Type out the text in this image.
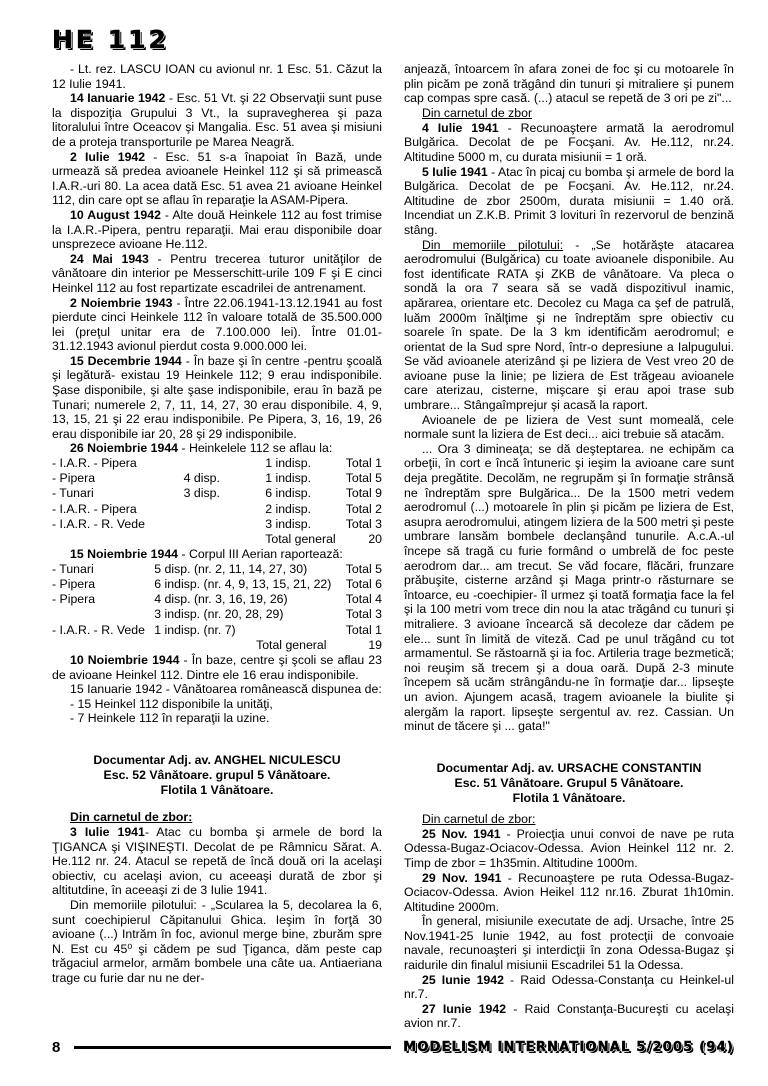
HE 112

- Lt. rez. LASCU IOAN cu avionul nr. 1 Esc. 51. Căzut la 12 Iulie 1941.

14 Ianuarie 1942 - Esc. 51 Vt. şi 22 Observaţii sunt puse la dispoziţia Grupului 3 Vt., la supravegherea şi paza litoralului între Oceacov şi Mangalia. Esc. 51 avea şi misiuni de a proteja transporturile pe Marea Neagră.

2 Iulie 1942 - Esc. 51 s-a înapoiat în Bază, unde urmează să predea avioanele Heinkel 112 şi să primească I.A.R.-uri 80. La acea dată Esc. 51 avea 21 avioane Heinkel 112, din care opt se aflau în reparaţie la ASAM-Pipera.

10 August 1942 - Alte două Heinkele 112 au fost trimise la I.A.R.-Pipera, pentru reparaţii. Mai erau disponibile doar unsprezece avioane He.112.

24 Mai 1943 - Pentru trecerea tuturor unităţilor de vânătoare din interior pe Messerschitt-urile 109 F şi E cinci Heinkel 112 au fost repartizate escadrilei de antrenament.

2 Noiembrie 1943 - Între 22.06.1941-13.12.1941 au fost pierdute cinci Heinkele 112 în valoare totală de 35.500.000 lei (preţul unitar era de 7.100.000 lei). Între 01.01-31.12.1943 avionul pierdut costa 9.000.000 lei.

15 Decembrie 1944 - În baze şi în centre -pentru şcoală şi legătură- existau 19 Heinkele 112; 9 erau indisponibile. Şase disponibile, şi alte şase indisponibile, erau în bază pe Tunari; numerele 2, 7, 11, 14, 27, 30 erau disponibile. 4, 9, 13, 15, 21 şi 22 erau indisponibile. Pe Pipera, 3, 16, 19, 26 erau disponibile iar 20, 28 şi 29 indisponibile.

26 Noiembrie 1944 - Heinkelele 112 se aflau la:

- I.A.R. - Pipera		1 indisp.	Total 1
- Pipera	4 disp.	1 indisp.	Total 5
- Tunari	3 disp.	6 indisp.	Total 9
- I.A.R. - Pipera		2 indisp.	Total 2
- I.A.R. - R. Vede		3 indisp.	Total 3
		Total general	20

15 Noiembrie 1944 - Corpul III Aerian raportează:

- Tunari	5 disp. (nr. 2, 11, 14, 27, 30)	Total 5
- Pipera	6 indisp. (nr. 4, 9, 13, 15, 21, 22)	Total 6
- Pipera	4 disp. (nr. 3, 16, 19, 26)	Total 4
	3 indisp. (nr. 20, 28, 29)	Total 3
- I.A.R. - R. Vede	1 indisp. (nr. 7)	Total 1
	Total general	19

10 Noiembrie 1944 - În baze, centre şi şcoli se aflau 23 de avioane Heinkel 112. Dintre ele 16 erau indisponibile.

15 Ianuarie 1942 - Vânătoarea românească dispunea de:

- 15 Heinkel 112 disponibile la unităţi,

- 7 Heinkele 112 în reparaţii la uzine.

Documentar Adj. av. ANGHEL NICULESCU
Esc. 52 Vânătoare. grupul 5 Vânătoare.
Flotila 1 Vânătoare.
Din carnetul de zbor:

3 Iulie 1941- Atac cu bomba şi armele de bord la ŢIGANCA şi VIŞINEŞTI. Decolat de pe Râmnicu Sărat. A. He.112 nr. 24. Atacul se repetă de încă două ori la acelaşi obiectiv, cu acelaşi avion, cu aceeaşi durată de zbor şi altitutdine, în aceeaşi zi de 3 Iulie 1941.

Din memoriile pilotului: - „Scularea la 5, decolarea la 6, sunt coechipierul Căpitanului Ghica. Ieşim în forţă 30 avioane (...) Intrăm în foc, avionul merge bine, zburăm spre N. Est cu 45⁰ şi cădem pe sud Ţiganca, dăm peste cap trăgaciul armelor, armăm bombele una câte ua. Antiaeriana trage cu furie dar nu ne der-

anjează, întoarcem în afara zonei de foc şi cu motoarele în plin picăm pe zonă trăgând din tunuri şi mitraliere şi punem cap compas spre casă. (...) atacul se repetă de 3 ori pe zi"...

Din carnetul de zbor

4 Iulie 1941 - Recunoaştere armată la aerodromul Bulgărica. Decolat de pe Focşani. Av. He.112, nr.24. Altitudine 5000 m, cu durata misiunii = 1 oră.

5 Iulie 1941 - Atac în picaj cu bomba şi armele de bord la Bulgărica. Decolat de pe Focşani. Av. He.112, nr.24. Altitudine de zbor 2500m, durata misiunii = 1.40 oră. Incendiat un Z.K.B. Primit 3 lovituri în rezervorul de benzină stâng.

Din memoriile pilotului: - „Se hotărăşte atacarea aerodromului (Bulgărica) cu toate avioanele disponibile. Au fost identificate RATA şi ZKB de vânătoare. Va pleca o sondă la ora 7 seara să se vadă dispozitivul inamic, apărarea, orientare etc. Decolez cu Maga ca şef de patrulă, luăm 2000m înălţime şi ne îndreptăm spre obiectiv cu soarele în spate. De la 3 km identificăm aerodromul; e orientat de la Sud spre Nord, într-o depresiune a Ialpugului. Se văd avioanele aterizând şi pe liziera de Vest vreo 20 de avioane puse la linie; pe liziera de Est trăgeau avioanele care aterizau, cisterne, mişcare şi erau apoi trase sub umbrare... Stângaîmprejur şi acasă la raport.

Avioanele de pe liziera de Vest sunt momeală, cele normale sunt la liziera de Est deci... aici trebuie să atacăm.

... Ora 3 dimineaţa; se dă deşteptarea. ne echipăm ca orbeţii, în cort e încă întuneric şi ieşim la avioane care sunt deja pregătite. Decolăm, ne regrupăm şi în formaţie strânsă ne îndreptăm spre Bulgărica... De la 1500 metri vedem aerodromul (...) motoarele în plin şi picăm pe liziera de Est, asupra aerodromului, atingem liziera de la 500 metri şi peste umbrare lansăm bombele declanşând tunurile. A.c.A.-ul începe să tragă cu furie formând o umbrelă de foc peste aerodrom dar... am trecut. Se văd focare, flăcări, frunzare prăbuşite, cisterne arzând şi Maga printr-o răsturnare se întoarce, eu -coechipier- îl urmez şi toată formaţia face la fel şi la 100 metri vom trece din nou la atac trăgând cu tunuri şi mitraliere. 3 avioane încearcă să decoleze dar cădem pe ele... sunt în limită de viteză. Cad pe unul trăgând cu tot armamentul. Se răstoarnă şi ia foc. Artileria trage bezmetică; noi reuşim să trecem şi a doua oară. După 2-3 minute începem să ucăm strângându-ne în formaţie dar... lipseşte un avion. Ajungem acasă, tragem avioanele la biulite şi alergăm la raport. lipseşte sergentul av. rez. Cassian. Un minut de tăcere şi ... gata!"

Documentar Adj. av. URSACHE CONSTANTIN
Esc. 51 Vânătoare. Grupul 5 Vânătoare.
Flotila 1 Vânătoare.
Din carnetul de zbor:

25 Nov. 1941 - Proiecţia unui convoi de nave pe ruta Odessa-Bugaz-Ociacov-Odessa. Avion Heinkel 112 nr. 2. Timp de zbor = 1h35min. Altitudine 1000m.

29 Nov. 1941 - Recunoaştere pe ruta Odessa-Bugaz-Ociacov-Odessa. Avion Heikel 112 nr.16. Zburat 1h10min. Altitudine 2000m.

În general, misiunile executate de adj. Ursache, între 25 Nov.1941-25 Iunie 1942, au fost protecţii de convoaie navale, recunoaşteri şi interdicţii în zona Odessa-Bugaz şi raidurile din finalul misiunii Escadrilei 51 la Odessa.

25 Iunie 1942 - Raid Odessa-Constanţa cu Heinkel-ul nr.7.

27 Iunie 1942 - Raid Constanţa-Bucureşti cu acelaşi avion nr.7.

8	MODELISM INTERNATIONAL 5/2005 (94)
